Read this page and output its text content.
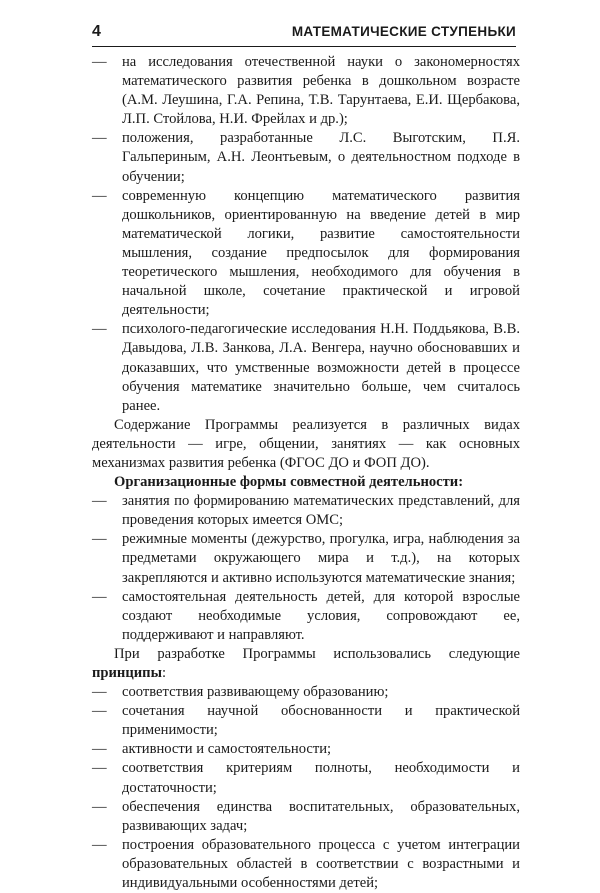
4	МАТЕМАТИЧЕСКИЕ СТУПЕНЬКИ
— на исследования отечественной науки о закономерностях математического развития ребенка в дошкольном возрасте (А.М. Леушина, Г.А. Репина, Т.В. Тарунтаева, Е.И. Щербакова, Л.П. Стойлова, Н.И. Фрейлах и др.);
— положения, разработанные Л.С. Выготским, П.Я. Гальпериным, А.Н. Леонтьевым, о деятельностном подходе в обучении;
— современную концепцию математического развития дошкольников, ориентированную на введение детей в мир математической логики, развитие самостоятельности мышления, создание предпосылок для формирования теоретического мышления, необходимого для обучения в начальной школе, сочетание практической и игровой деятельности;
— психолого-педагогические исследования Н.Н. Поддьякова, В.В. Давыдова, Л.В. Занкова, Л.А. Венгера, научно обосновавших и доказавших, что умственные возможности детей в процессе обучения математике значительно больше, чем считалось ранее.

Содержание Программы реализуется в различных видах деятельности — игре, общении, занятиях — как основных механизмах развития ребенка (ФГОС ДО и ФОП ДО).

Организационные формы совместной деятельности:

— занятия по формированию математических представлений, для проведения которых имеется ОМС;
— режимные моменты (дежурство, прогулка, игра, наблюдения за предметами окружающего мира и т.д.), на которых закрепляются и активно используются математические знания;
— самостоятельная деятельность детей, для которой взрослые создают необходимые условия, сопровождают ее, поддерживают и направляют.

При разработке Программы использовались следующие принципы:

— соответствия развивающему образованию;
— сочетания научной обоснованности и практической применимости;
— активности и самостоятельности;
— соответствия критериям полноты, необходимости и достаточности;
— обеспечения единства воспитательных, образовательных, развивающих задач;
— построения образовательного процесса с учетом интеграции образовательных областей в соответствии с возрастными и индивидуальными особенностями детей;
